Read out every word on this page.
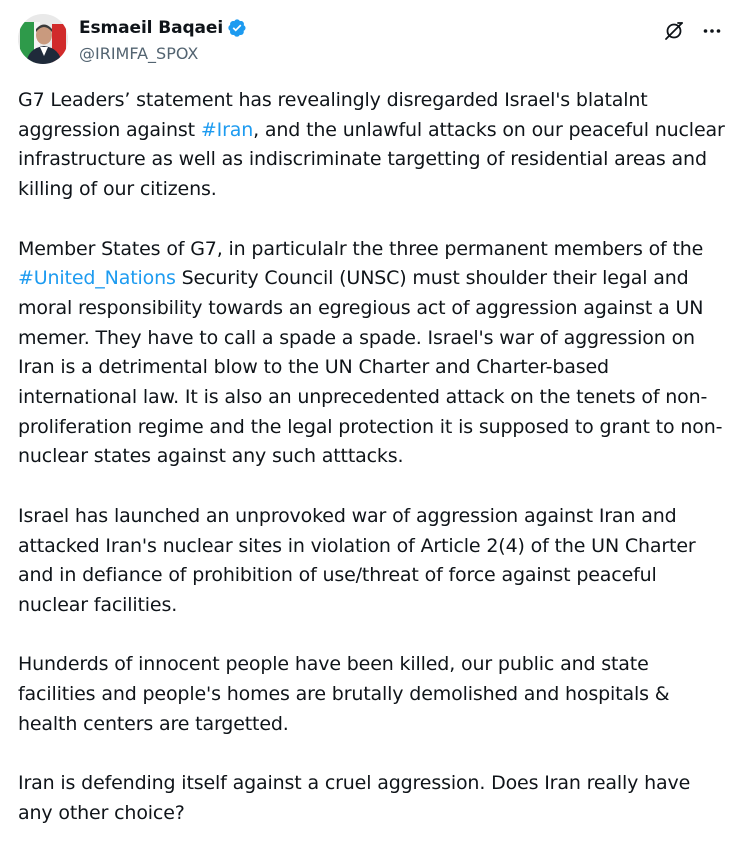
Esmaeil Baqaei
@IRIMFA_SPOX

G7 Leaders’ statement has revealingly disregarded Israel's blatalnt aggression against #Iran, and the unlawful attacks on our peaceful nuclear infrastructure as well as indiscriminate targetting of residential areas and killing of our citizens.

Member States of G7, in particulalr the three permanent members of the #United_Nations Security Council (UNSC) must shoulder their legal and moral responsibility towards an egregious act of aggression against a UN memer. They have to call a spade a spade. Israel's war of aggression on Iran is a detrimental blow to the UN Charter and Charter-based international law. It is also an unprecedented attack on the tenets of non-proliferation regime and the legal protection it is supposed to grant to non-nuclear states against any such atttacks.

Israel has launched an unprovoked war of aggression against Iran and attacked Iran's nuclear sites in violation of Article 2(4) of the UN Charter and in defiance of prohibition of use/threat of force against peaceful nuclear facilities.

Hunderds of innocent people have been killed, our public and state facilities and people's homes are brutally demolished and hospitals & health centers are targetted.

Iran is defending itself against a cruel aggression. Does Iran really have any other choice?
